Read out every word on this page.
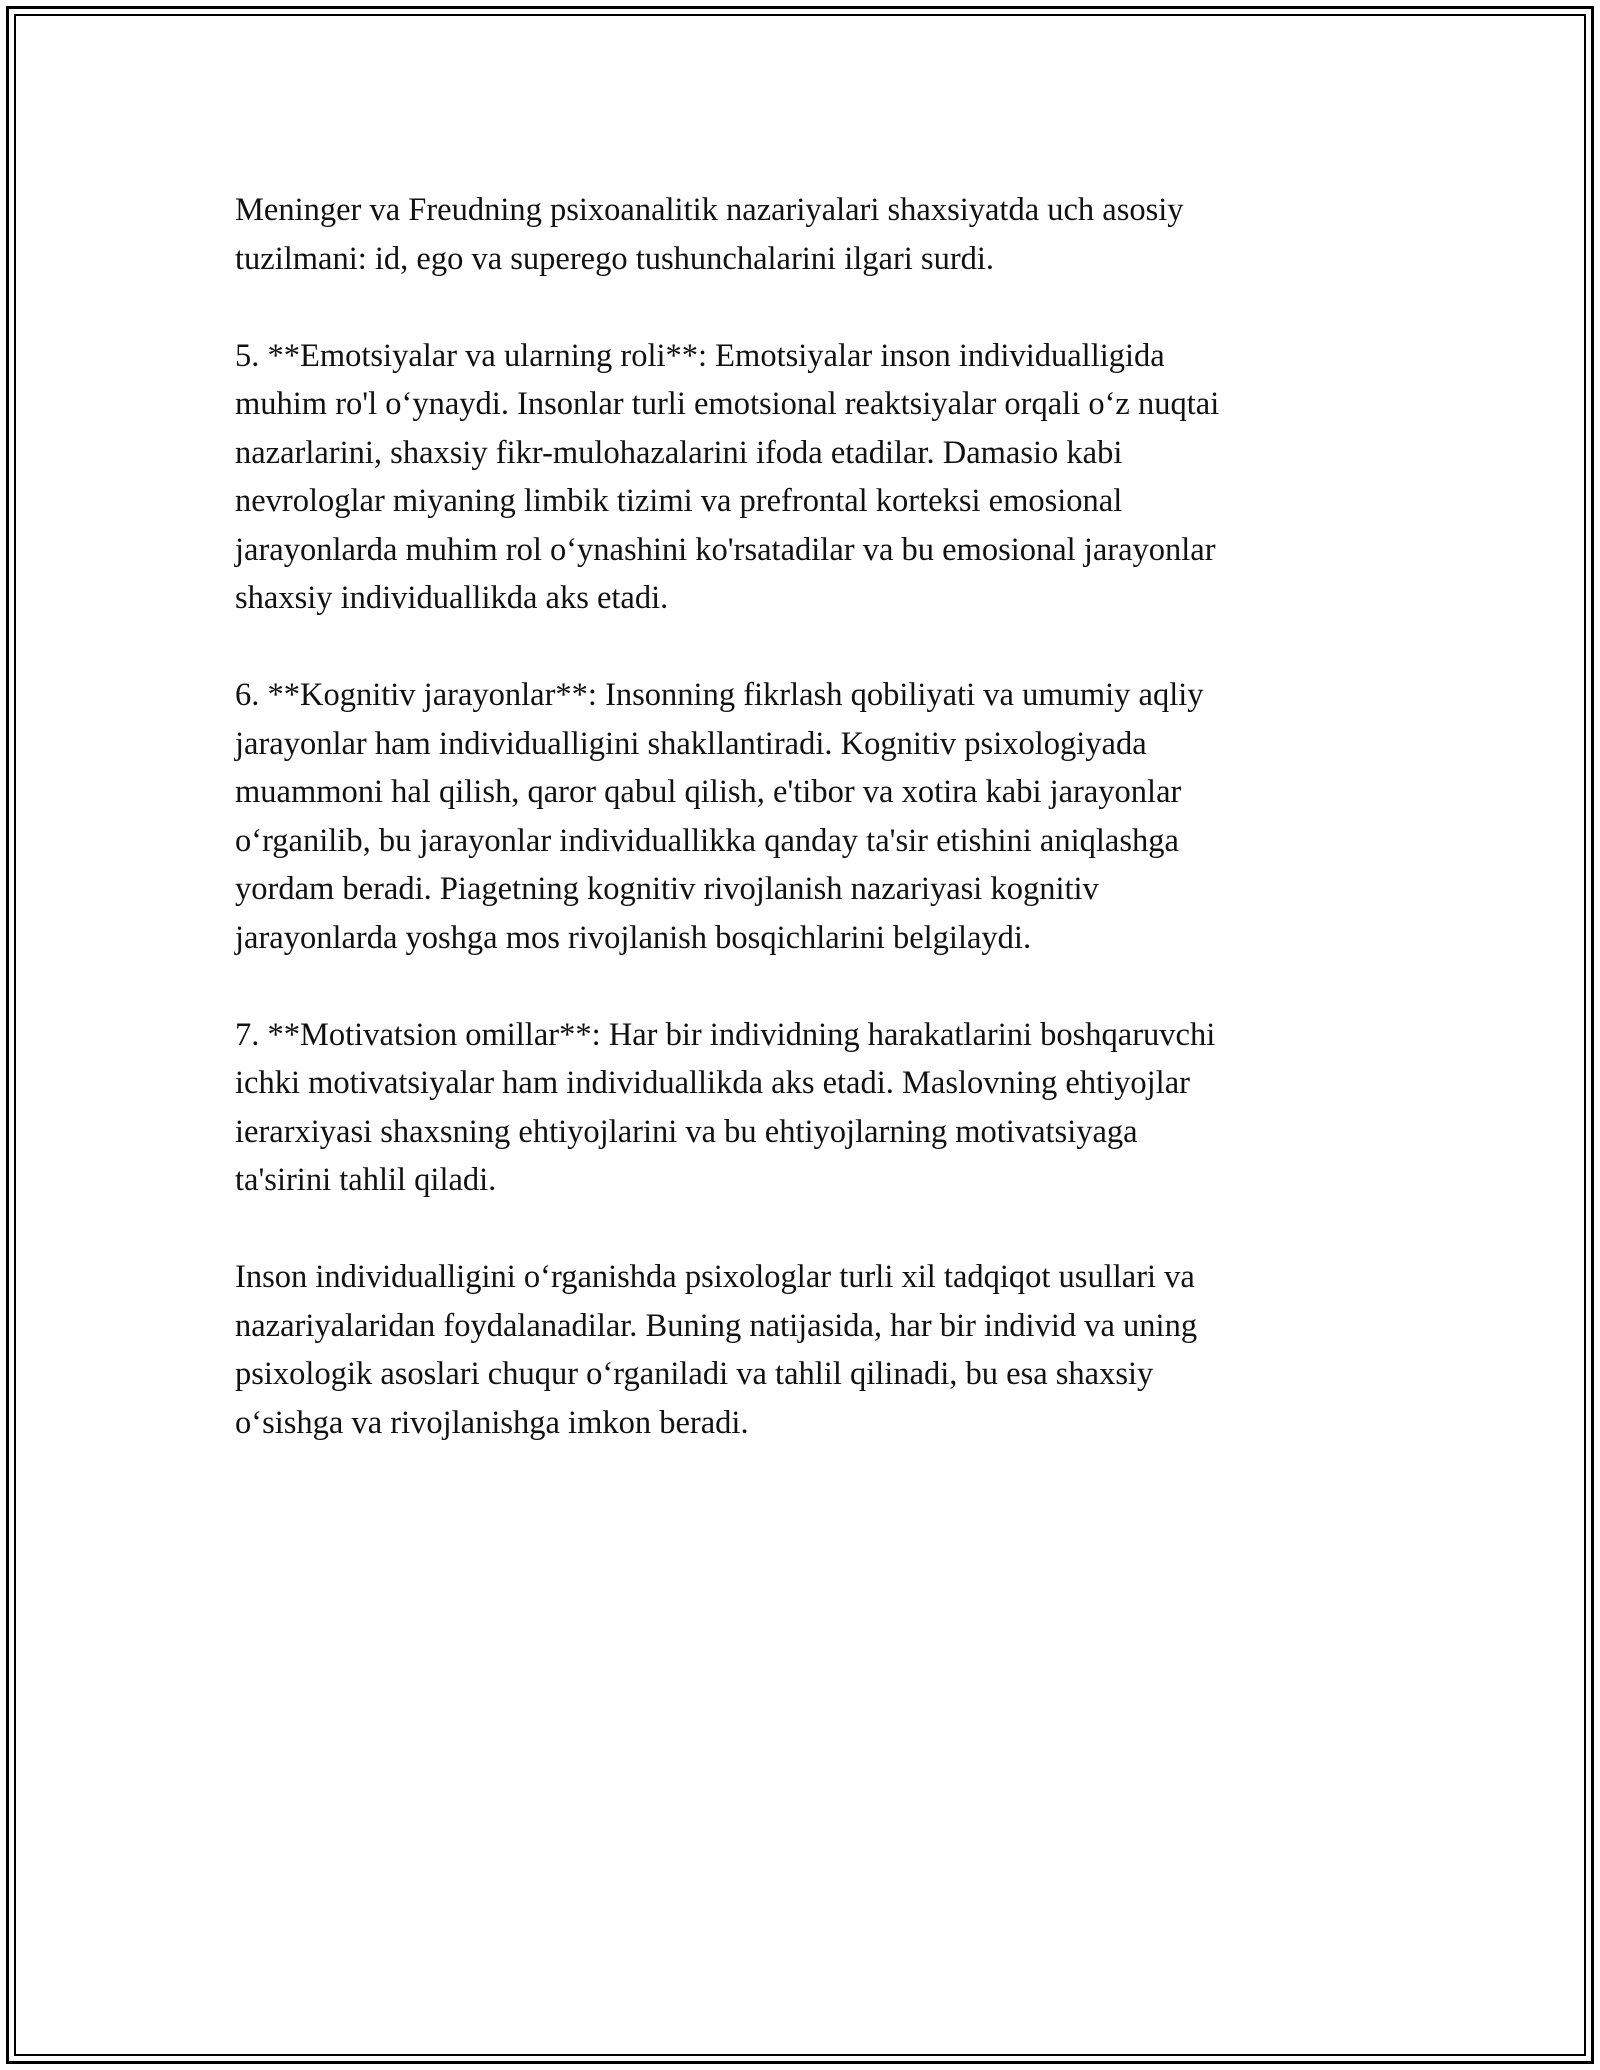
Meninger va Freudning psixoanalitik nazariyalari shaxsiyatda uch asosiy
tuzilmani: id, ego va superego tushunchalarini ilgari surdi.

5. **Emotsiyalar va ularning roli**: Emotsiyalar inson individualligida
muhim ro'l o‘ynaydi. Insonlar turli emotsional reaktsiyalar orqali o‘z nuqtai
nazarlarini, shaxsiy fikr-mulohazalarini ifoda etadilar. Damasio kabi
nevrologlar miyaning limbik tizimi va prefrontal korteksi emosional
jarayonlarda muhim rol o‘ynashini ko'rsatadilar va bu emosional jarayonlar
shaxsiy individuallikda aks etadi.

6. **Kognitiv jarayonlar**: Insonning fikrlash qobiliyati va umumiy aqliy
jarayonlar ham individualligini shakllantiradi. Kognitiv psixologiyada
muammoni hal qilish, qaror qabul qilish, e'tibor va xotira kabi jarayonlar
o‘rganilib, bu jarayonlar individuallikka qanday ta'sir etishini aniqlashga
yordam beradi. Piagetning kognitiv rivojlanish nazariyasi kognitiv
jarayonlarda yoshga mos rivojlanish bosqichlarini belgilaydi.

7. **Motivatsion omillar**: Har bir individning harakatlarini boshqaruvchi
ichki motivatsiyalar ham individuallikda aks etadi. Maslovning ehtiyojlar
ierarxiyasi shaxsning ehtiyojlarini va bu ehtiyojlarning motivatsiyaga
ta'sirini tahlil qiladi.

Inson individualligini o‘rganishda psixologlar turli xil tadqiqot usullari va
nazariyalaridan foydalanadilar. Buning natijasida, har bir individ va uning
psixologik asoslari chuqur o‘rganiladi va tahlil qilinadi, bu esa shaxsiy
o‘sishga va rivojlanishga imkon beradi.
